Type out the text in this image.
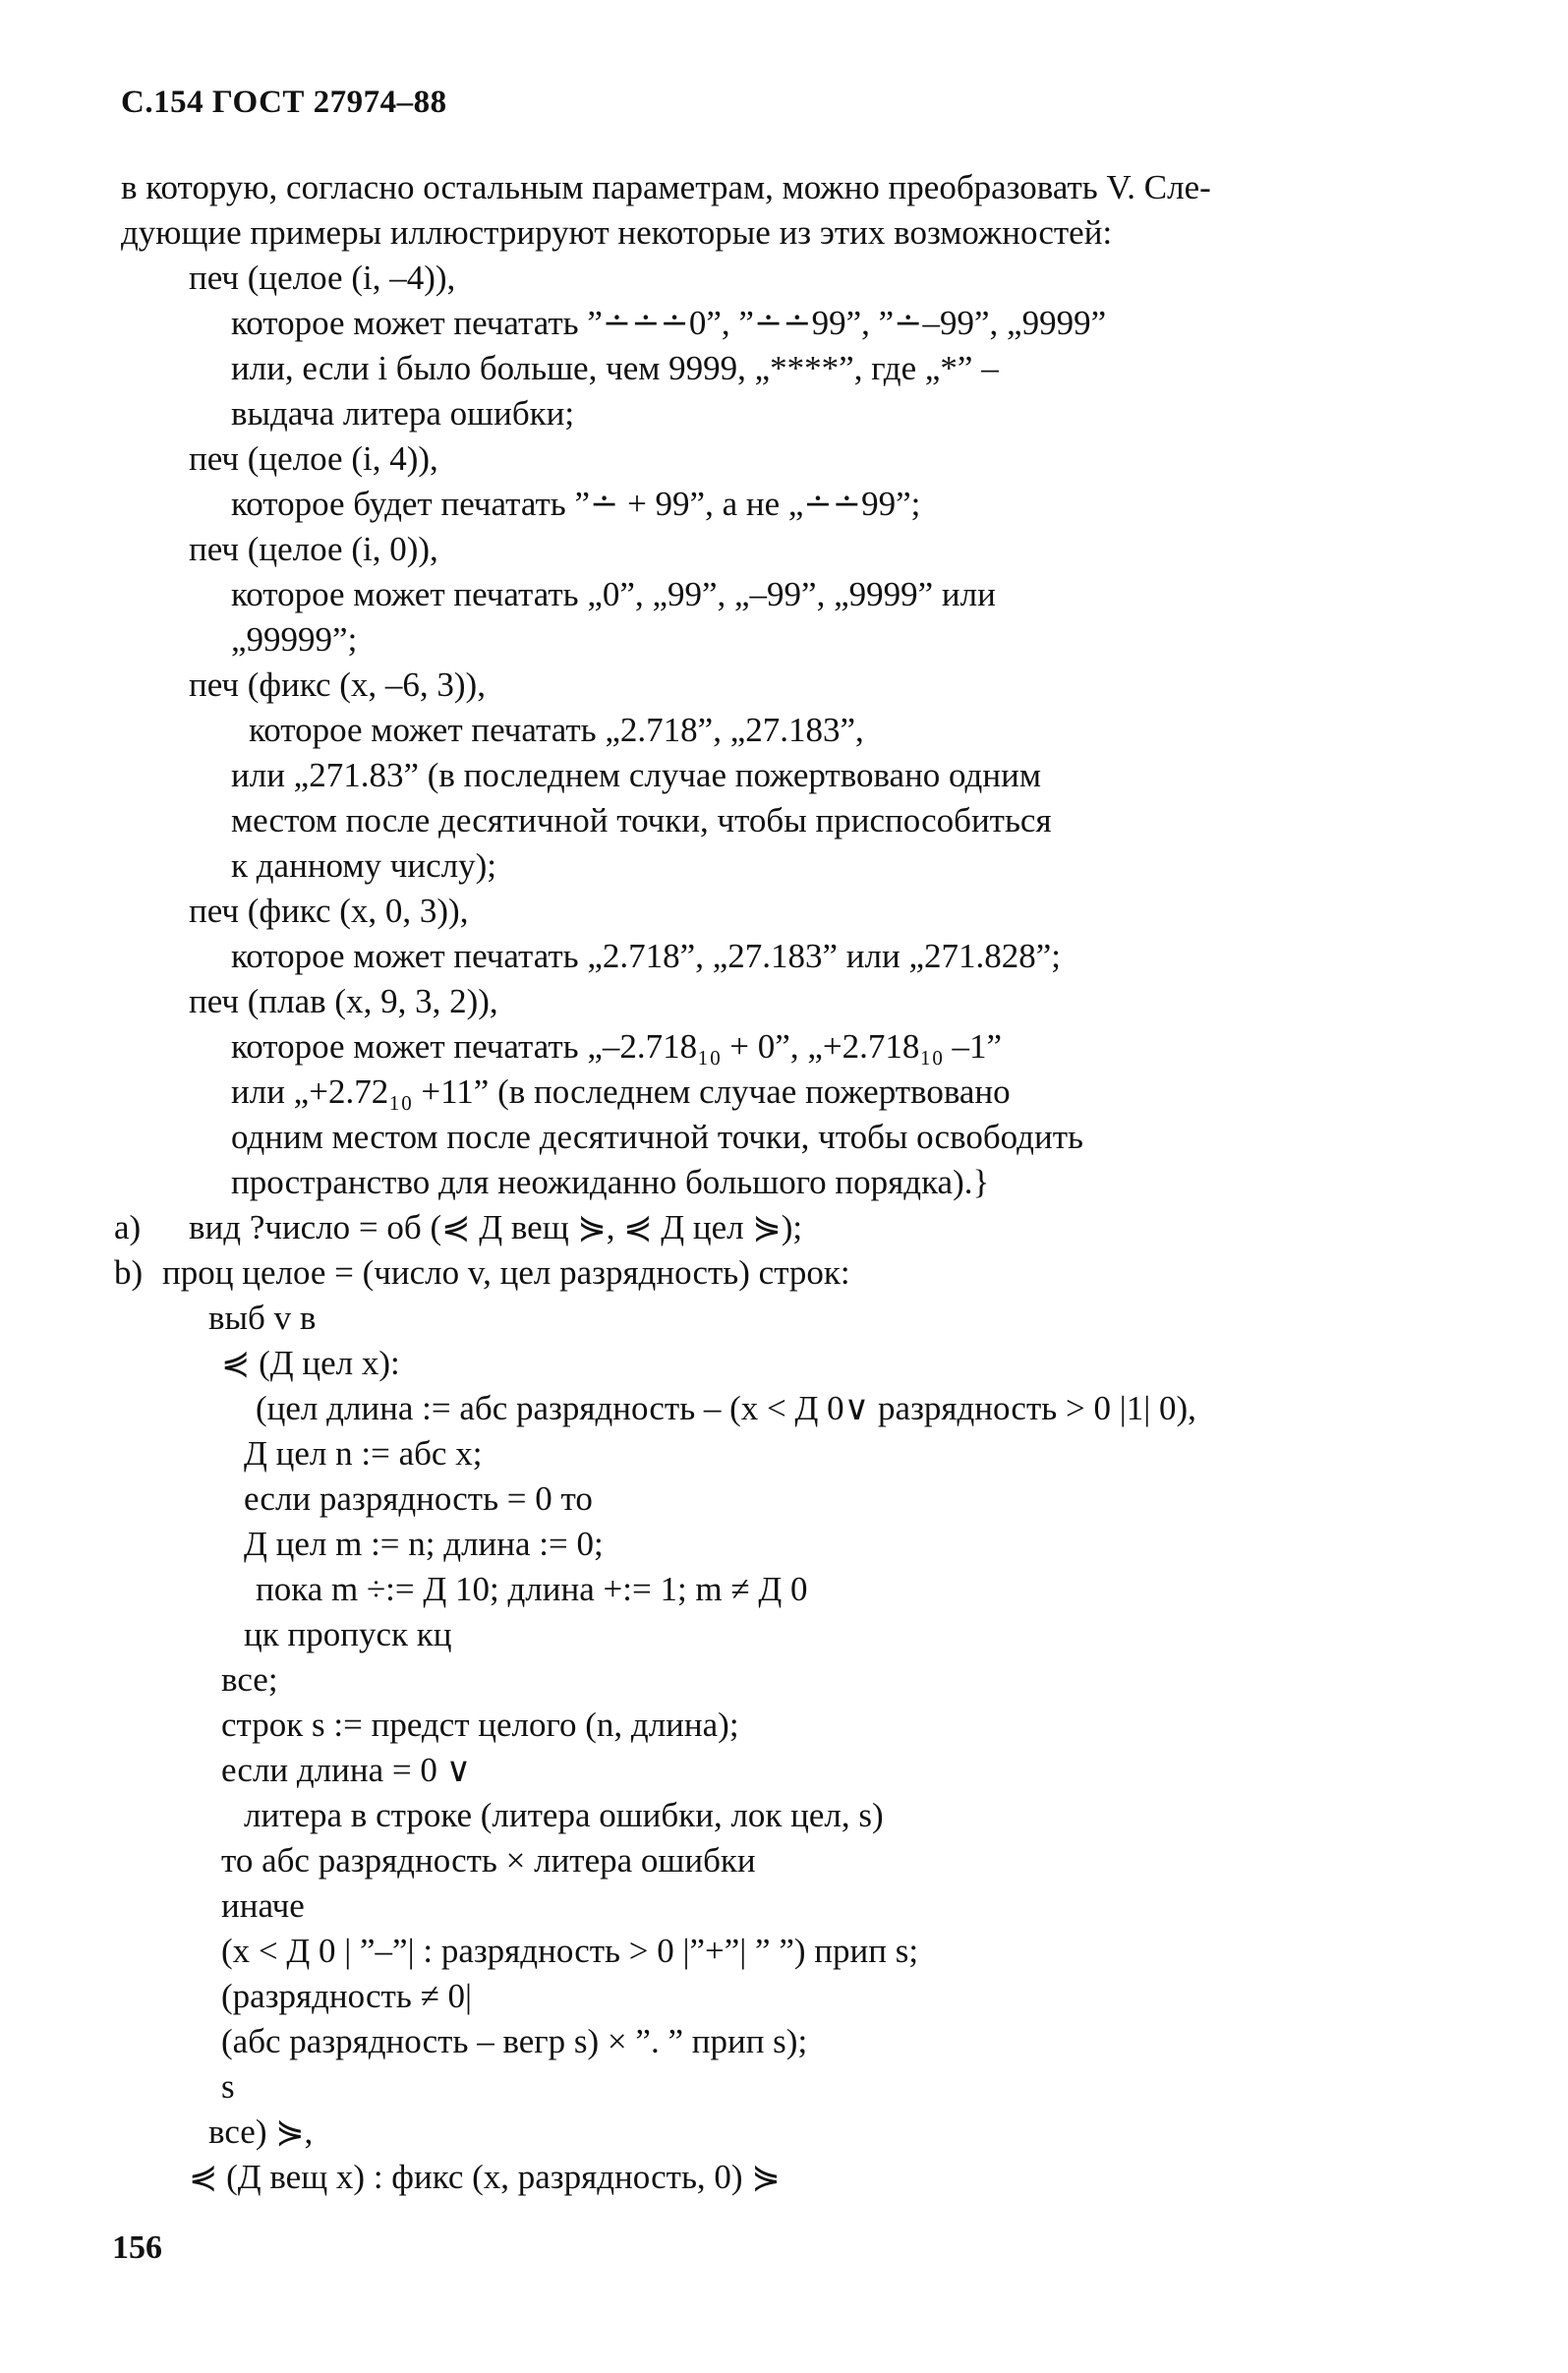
С.154 ГОСТ 27974–88
в которую, согласно остальным параметрам, можно преобразовать V. Сле-
дующие примеры иллюстрируют некоторые из этих возможностей:
печ (целое (i, –4)),
которое может печатать ”∸∸∸0”, ”∸∸99”, ”∸–99”, „9999”
или, если i было больше, чем 9999, „****”, где „*” –
выдача литера ошибки;
печ (целое (i, 4)),
которое будет печатать ”∸ + 99”, а не „∸∸99”;
печ (целое (i, 0)),
которое может печатать „0”, „99”, „–99”, „9999” или
„99999”;
печ (фикс (x, –6, 3)),
которое может печатать „2.718”, „27.183”,
или „271.83” (в последнем случае пожертвовано одним
местом после десятичной точки, чтобы приспособиться
к данному числу);
печ (фикс (x, 0, 3)),
которое может печатать „2.718”, „27.183” или „271.828”;
печ (плав (x, 9, 3, 2)),
которое может печатать „–2.718₁₀ + 0”, „+2.718₁₀ –1”
или „+2.72₁₀ +11” (в последнем случае пожертвовано
одним местом после десятичной точки, чтобы освободить
пространство для неожиданно большого порядка).}
a)	вид ?число = об (⋞ Д вещ ⋟, ⋞ Д цел ⋟);
b) проц целое = (число v, цел разрядность) строк:
выб v в
⋞ (Д цел x):
(цел длина := абс разрядность – (x < Д 0∨ разрядность > 0 |1| 0),
Д цел n := абс x;
если разрядность = 0 то
Д цел m := n; длина := 0;
пока m ÷:= Д 10; длина +:= 1; m ≠ Д 0
цк пропуск кц
все;
строк s := предст целого (n, длина);
если длина = 0 ∨
литера в строке (литера ошибки, лок цел, s)
то абс разрядность × литера ошибки
иначе
(x < Д 0 | ”–”| : разрядность > 0 |”+”| ” ”) прип s;
(разрядность ≠ 0|
(абс разрядность – вегр s) × ”. ” прип s);
s
все) ⋟,
⋞ (Д вещ x) : фикс (x, разрядность, 0) ⋟
156
